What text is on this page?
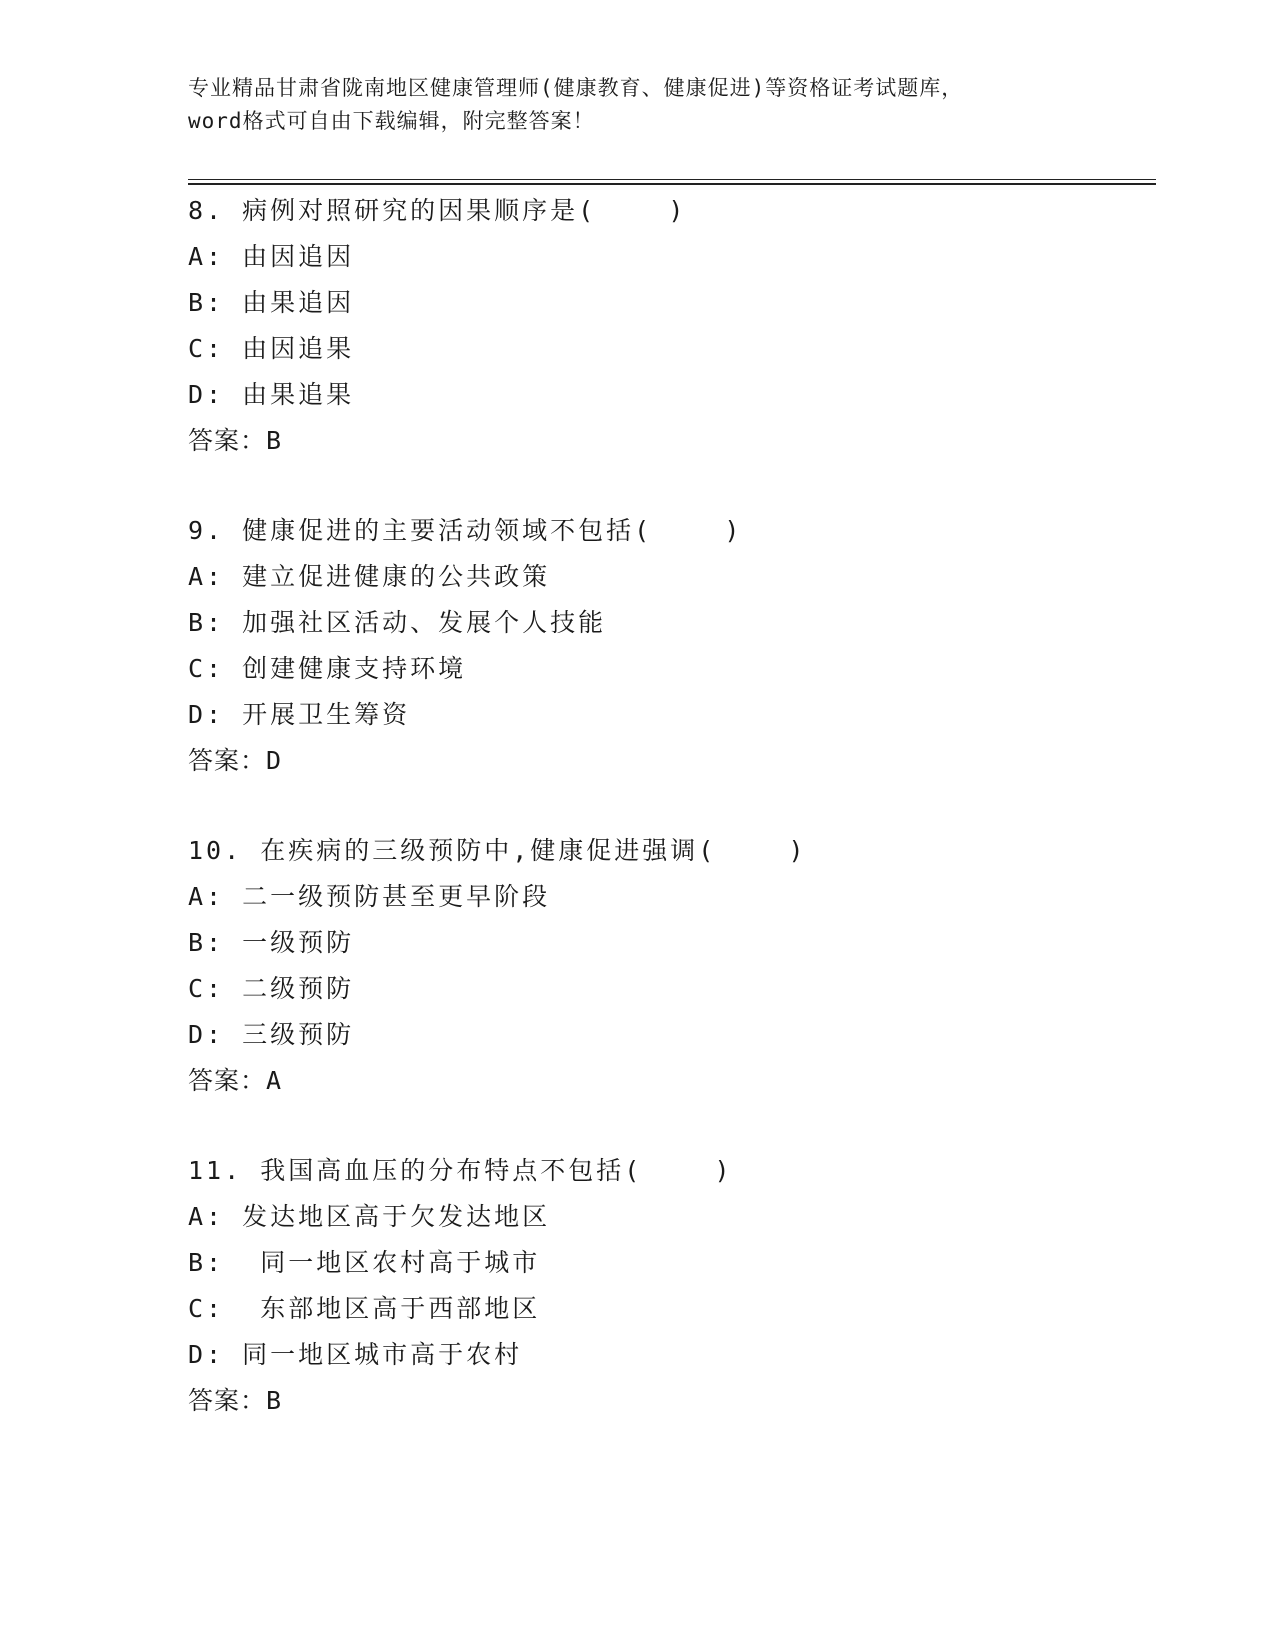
专业精品甘肃省陇南地区健康管理师(健康教育、健康促进)等资格证考试题库，
word格式可自由下载编辑，附完整答案！
8. 病例对照研究的因果顺序是(    )
A: 由因追因
B: 由果追因
C: 由因追果
D: 由果追果
答案：B
9. 健康促进的主要活动领域不包括(    )
A: 建立促进健康的公共政策
B: 加强社区活动、发展个人技能
C: 创建健康支持环境
D: 开展卫生筹资
答案：D
10. 在疾病的三级预防中,健康促进强调(    )
A: 二一级预防甚至更早阶段
B: 一级预防
C: 二级预防
D: 三级预防
答案：A
11. 我国高血压的分布特点不包括(    )
A: 发达地区高于欠发达地区
B:  同一地区农村高于城市
C:  东部地区高于西部地区
D: 同一地区城市高于农村
答案：B
